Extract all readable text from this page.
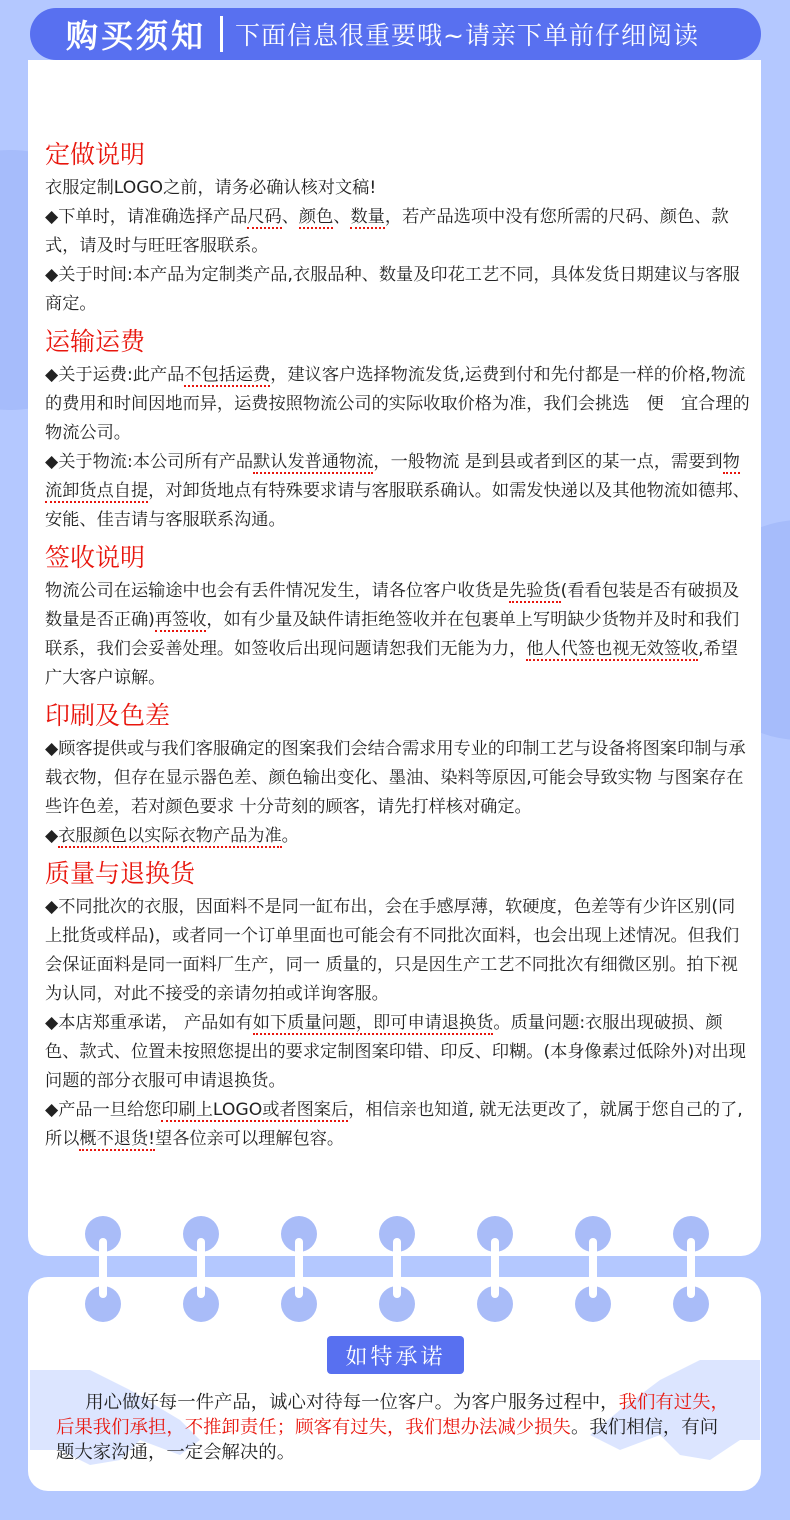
购买须知 下面信息很重要哦~请亲下单前仔细阅读
定做说明

衣服定制LOGO之前，请务必确认核对文稿!

◆下单时，请准确选择产品尺码、颜色、数量，若产品选项中没有您所需的尺码、颜色、款式，请及时与旺旺客服联系。

◆关于时间:本产品为定制类产品,衣服品种、数量及印花工艺不同，具体发货日期建议与客服商定。

运输运费

◆关于运费:此产品不包括运费，建议客户选择物流发货,运费到付和先付都是一样的价格,物流的费用和时间因地而异，运费按照物流公司的实际收取价格为准，我们会挑选　便　宜合理的物流公司。

◆关于物流:本公司所有产品默认发普通物流，一般物流 是到县或者到区的某一点，需要到物流卸货点自提，对卸货地点有特殊要求请与客服联系确认。如需发快递以及其他物流如德邦、安能、佳吉请与客服联系沟通。

签收说明

物流公司在运输途中也会有丢件情况发生，请各位客户收货是先验货(看看包装是否有破损及数量是否正确)再签收，如有少量及缺件请拒绝签收并在包裹单上写明缺少货物并及时和我们联系，我们会妥善处理。如签收后出现问题请恕我们无能为力，他人代签也视无效签收,希望广大客户谅解。

印刷及色差

◆顾客提供或与我们客服确定的图案我们会结合需求用专业的印制工艺与设备将图案印制与承载衣物，但存在显示器色差、颜色输出变化、墨油、染料等原因,可能会导致实物 与图案存在些许色差，若对颜色要求 十分苛刻的顾客，请先打样核对确定。

◆衣服颜色以实际衣物产品为准。

质量与退换货

◆不同批次的衣服，因面料不是同一缸布出，会在手感厚薄，软硬度，色差等有少许区别(同上批货或样品)，或者同一个订单里面也可能会有不同批次面料，也会出现上述情况。但我们会保证面料是同一面料厂生产，同一 质量的，只是因生产工艺不同批次有细微区别。拍下视为认同，对此不接受的亲请勿拍或详询客服。

◆本店郑重承诺， 产品如有如下质量问题，即可申请退换货。质量问题:衣服出现破损、颜色、款式、位置未按照您提出的要求定制图案印错、印反、印糊。(本身像素过低除外)对出现问题的部分衣服可申请退换货。

◆产品一旦给您印刷上LOGO或者图案后，相信亲也知道, 就无法更改了，就属于您自己的了,所以概不退货!望各位亲可以理解包容。

如特承诺
用心做好每一件产品，诚心对待每一位客户。为客户服务过程中，我们有过失，后果我们承担，不推卸责任；顾客有过失，我们想办法减少损失。我们相信，有问题大家沟通，一定会解决的。
